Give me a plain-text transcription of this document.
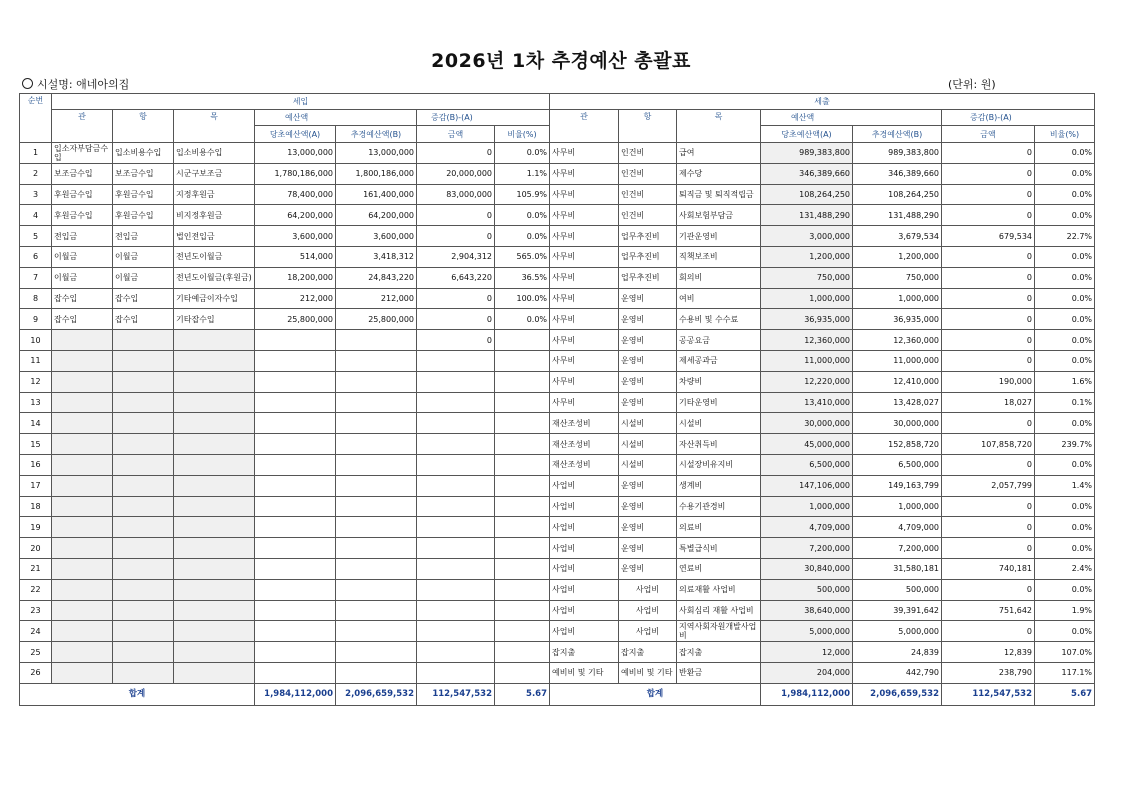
2026년 1차 추경예산 총괄표
시설명: 애네아의집	(단위: 원)
순번	세입							세출						
	관	항	목	예산액		증감(B)-(A)		관	항	목	예산액		증감(B)-(A)	
				당초예산액(A)	추경예산액(B)	금액	비율(%)				당초예산액(A)	추경예산액(B)	금액	비율(%)
1	입소자부담금수입	입소비용수입	입소비용수입	13,000,000	13,000,000	0	0.0%	사무비	인건비	급여	989,383,800	989,383,800	0	0.0%
2	보조금수입	보조금수입	시군구보조금	1,780,186,000	1,800,186,000	20,000,000	1.1%	사무비	인건비	제수당	346,389,660	346,389,660	0	0.0%
3	후원금수입	후원금수입	지정후원금	78,400,000	161,400,000	83,000,000	105.9%	사무비	인건비	퇴직금 및 퇴직적립금	108,264,250	108,264,250	0	0.0%
4	후원금수입	후원금수입	비지정후원금	64,200,000	64,200,000	0	0.0%	사무비	인건비	사회보험부담금	131,488,290	131,488,290	0	0.0%
5	전입금	전입금	법인전입금	3,600,000	3,600,000	0	0.0%	사무비	업무추진비	기관운영비	3,000,000	3,679,534	679,534	22.7%
6	이월금	이월금	전년도이월금	514,000	3,418,312	2,904,312	565.0%	사무비	업무추진비	직책보조비	1,200,000	1,200,000	0	0.0%
7	이월금	이월금	전년도이월금(후원금)	18,200,000	24,843,220	6,643,220	36.5%	사무비	업무추진비	회의비	750,000	750,000	0	0.0%
8	잡수입	잡수입	기타예금이자수입	212,000	212,000	0	100.0%	사무비	운영비	여비	1,000,000	1,000,000	0	0.0%
9	잡수입	잡수입	기타잡수입	25,800,000	25,800,000	0	0.0%	사무비	운영비	수용비 및 수수료	36,935,000	36,935,000	0	0.0%
10						0		사무비	운영비	공공요금	12,360,000	12,360,000	0	0.0%
11								사무비	운영비	제세공과금	11,000,000	11,000,000	0	0.0%
12								사무비	운영비	차량비	12,220,000	12,410,000	190,000	1.6%
13								사무비	운영비	기타운영비	13,410,000	13,428,027	18,027	0.1%
14								재산조성비	시설비	시설비	30,000,000	30,000,000	0	0.0%
15								재산조성비	시설비	자산취득비	45,000,000	152,858,720	107,858,720	239.7%
16								재산조성비	시설비	시설장비유지비	6,500,000	6,500,000	0	0.0%
17								사업비	운영비	생계비	147,106,000	149,163,799	2,057,799	1.4%
18								사업비	운영비	수용기관경비	1,000,000	1,000,000	0	0.0%
19								사업비	운영비	의료비	4,709,000	4,709,000	0	0.0%
20								사업비	운영비	특별급식비	7,200,000	7,200,000	0	0.0%
21								사업비	운영비	연료비	30,840,000	31,580,181	740,181	2.4%
22								사업비	사업비	의료재활 사업비	500,000	500,000	0	0.0%
23								사업비	사업비	사회심리 재활 사업비	38,640,000	39,391,642	751,642	1.9%
24								사업비	사업비	지역사회자원개발사업비	5,000,000	5,000,000	0	0.0%
25								잡지출	잡지출	잡지출	12,000	24,839	12,839	107.0%
26								예비비 및 기타	예비비 및 기타	반환금	204,000	442,790	238,790	117.1%
합계				1,984,112,000	2,096,659,532	112,547,532	5.67	합계			1,984,112,000	2,096,659,532	112,547,532	5.67
